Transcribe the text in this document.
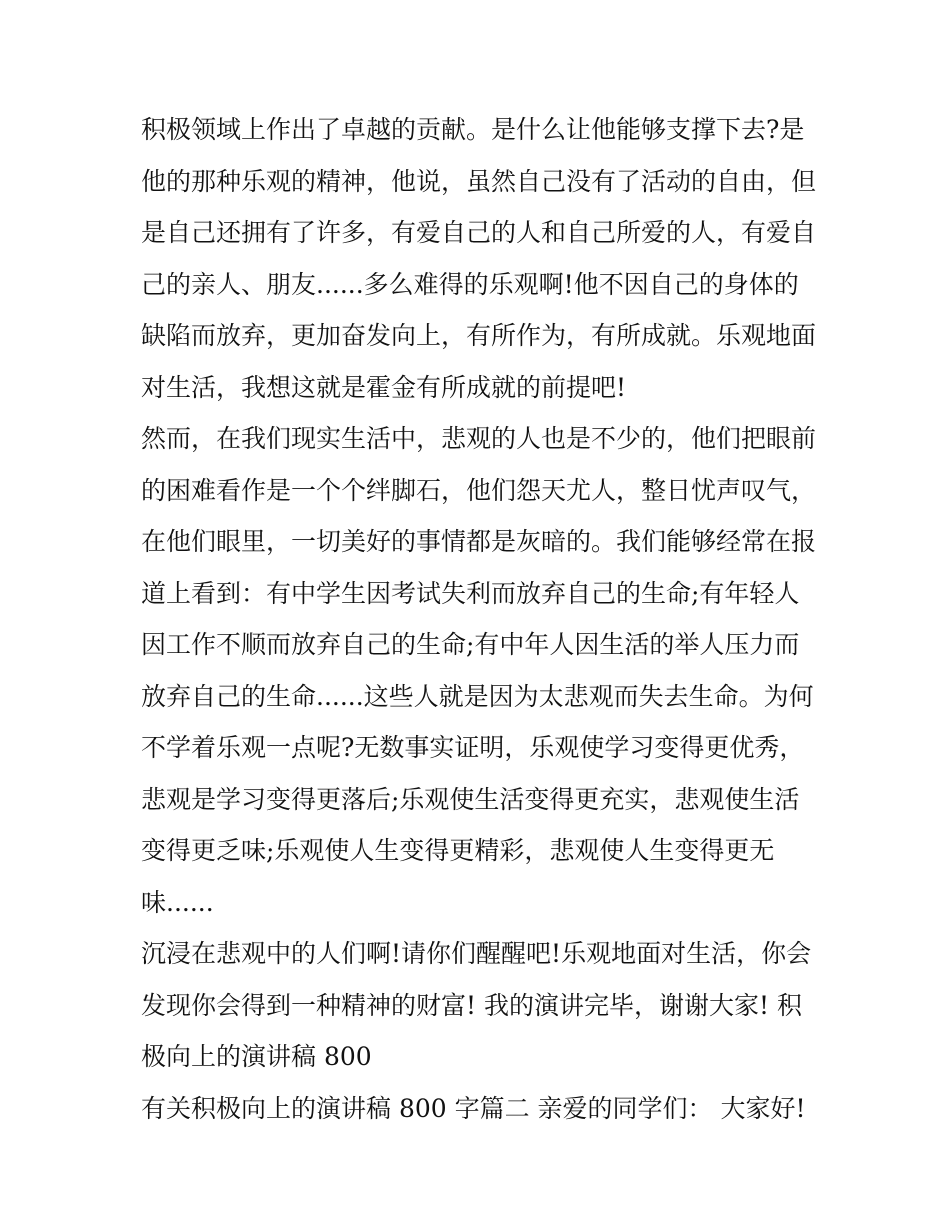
积极领域上作出了卓越的贡献。是什么让他能够支撑下去?是
他的那种乐观的精神，他说，虽然自己没有了活动的自由，但
是自己还拥有了许多，有爱自己的人和自己所爱的人，有爱自
己的亲人、朋友......多么难得的乐观啊!他不因自己的身体的
缺陷而放弃，更加奋发向上，有所作为，有所成就。乐观地面
对生活，我想这就是霍金有所成就的前提吧!
然而，在我们现实生活中，悲观的人也是不少的，他们把眼前
的困难看作是一个个绊脚石，他们怨天尤人，整日忧声叹气，
在他们眼里，一切美好的事情都是灰暗的。我们能够经常在报
道上看到：有中学生因考试失利而放弃自己的生命;有年轻人
因工作不顺而放弃自己的生命;有中年人因生活的举人压力而
放弃自己的生命......这些人就是因为太悲观而失去生命。为何
不学着乐观一点呢?无数事实证明，乐观使学习变得更优秀，
悲观是学习变得更落后;乐观使生活变得更充实，悲观使生活
变得更乏味;乐观使人生变得更精彩，悲观使人生变得更无
味......
沉浸在悲观中的人们啊!请你们醒醒吧!乐观地面对生活，你会
发现你会得到一种精神的财富! 我的演讲完毕，谢谢大家! 积
极向上的演讲稿 800
有关积极向上的演讲稿 800 字篇二 亲爱的同学们： 大家好!
